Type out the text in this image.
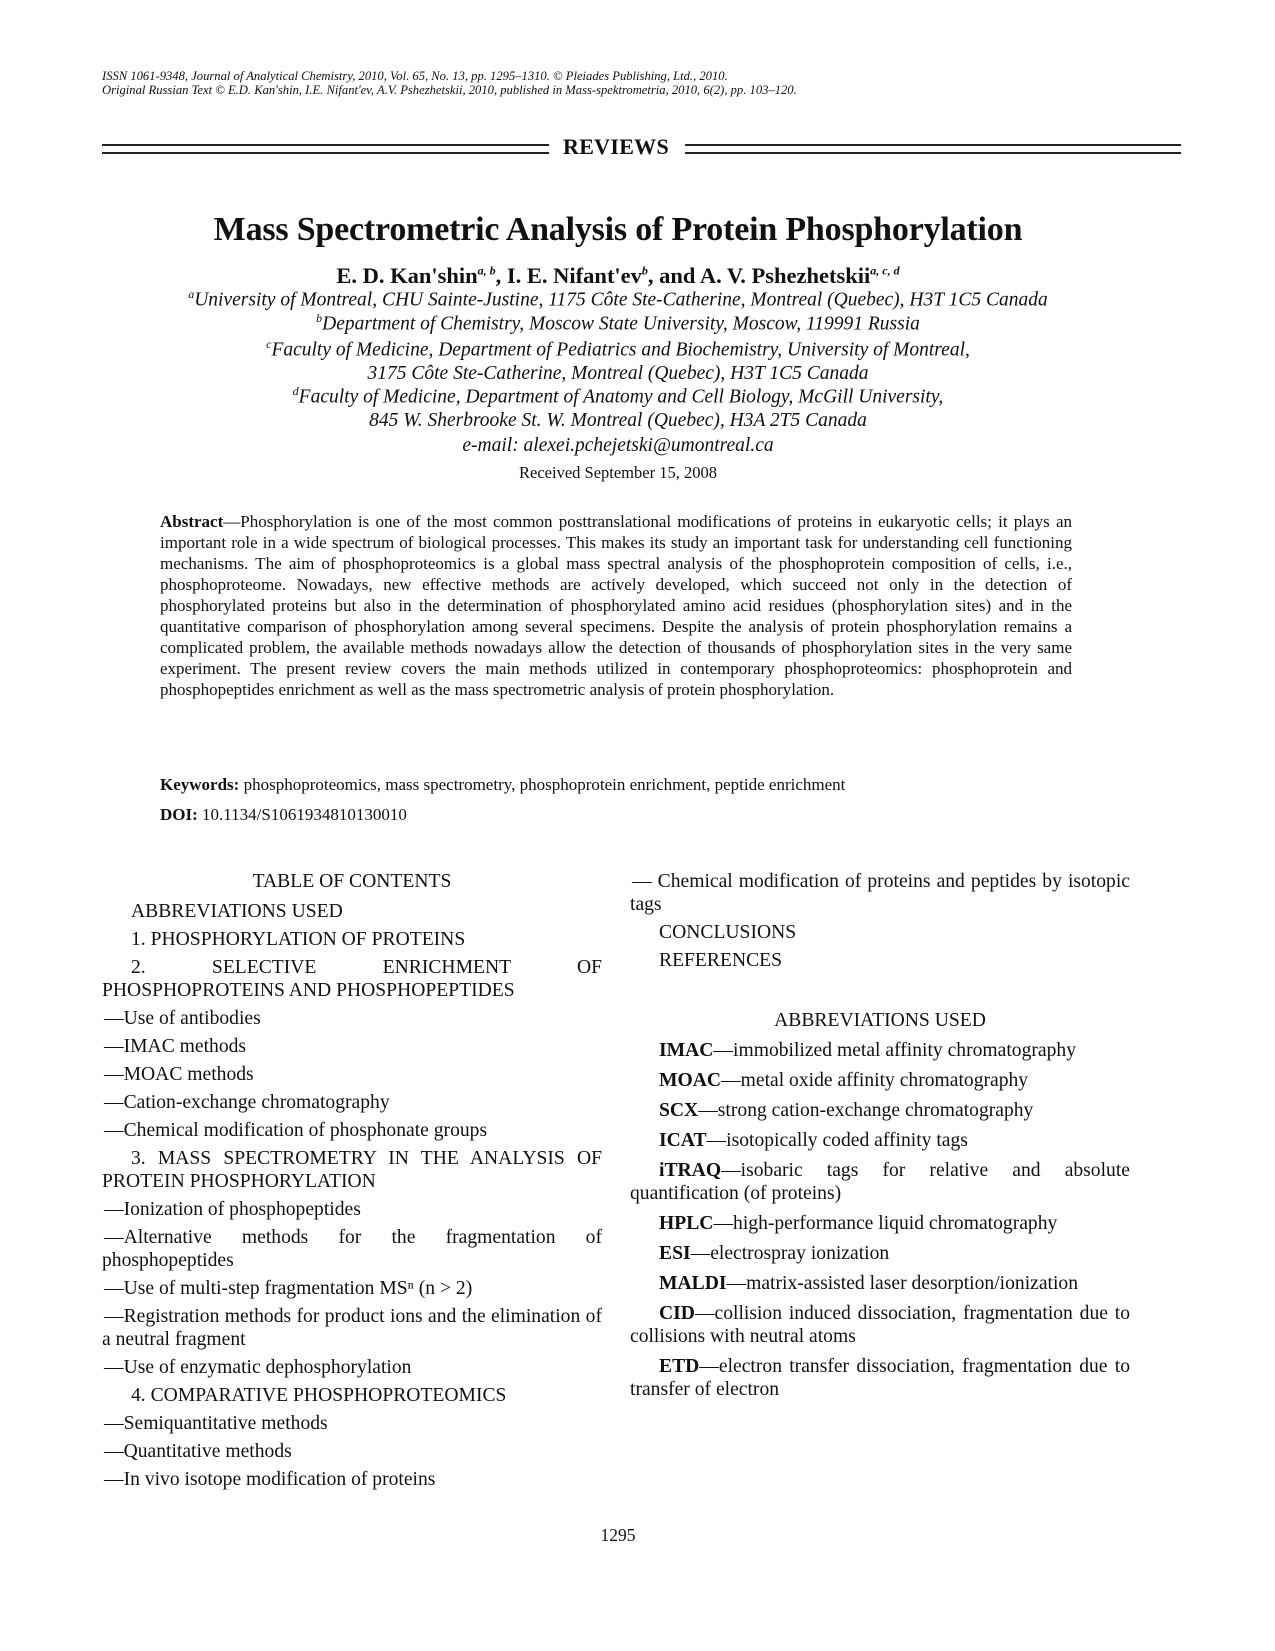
ISSN 1061-9348, Journal of Analytical Chemistry, 2010, Vol. 65, No. 13, pp. 1295–1310. © Pleiades Publishing, Ltd., 2010.
Original Russian Text © E.D. Kan'shin, I.E. Nifant'ev, A.V. Pshezhetskii, 2010, published in Mass-spektrometria, 2010, 6(2), pp. 103–120.
REVIEWS
Mass Spectrometric Analysis of Protein Phosphorylation
E. D. Kan'shin$^{a, b}$, I. E. $Nifant'ev^b$, and A. V. Pshezhetskii$^{a, c, d}$
$^a$University of Montreal, CHU Sainte-Justine, 1175 Côte Ste-Catherine, Montreal (Quebec), H3T 1C5 Canada
$^b$Department of Chemistry, Moscow State University, Moscow, 119991 Russia
$^c$Faculty of Medicine, Department of Pediatrics and Biochemistry, University of Montreal,
3175 Côte Ste-Catherine, Montreal (Quebec), H3T 1C5 Canada
$^d$Faculty of Medicine, Department of Anatomy and Cell Biology, McGill University,
845 W. Sherbrooke St. W. Montreal (Quebec), H3A 2T5 Canada
e-mail: alexei.pchejetski@umontreal.ca
Received September 15, 2008
Abstract—Phosphorylation is one of the most common posttranslational modifications of proteins in eukaryotic cells; it plays an important role in a wide spectrum of biological processes. This makes its study an important task for understanding cell functioning mechanisms. The aim of phosphoproteomics is a global mass spectral analysis of the phosphoprotein composition of cells, i.e., phosphoproteome. Nowadays, new effective methods are actively developed, which succeed not only in the detection of phosphorylated proteins but also in the determination of phosphorylated amino acid residues (phosphorylation sites) and in the quantitative comparison of phosphorylation among several specimens. Despite the analysis of protein phosphorylation remains a complicated problem, the available methods nowadays allow the detection of thousands of phosphorylation sites in the very same experiment. The present review covers the main methods utilized in contemporary phosphoproteomics: phosphoprotein and phosphopeptides enrichment as well as the mass spectrometric analysis of protein phosphorylation.
Keywords: phosphoproteomics, mass spectrometry, phosphoprotein enrichment, peptide enrichment
DOI: 10.1134/S1061934810130010
TABLE OF CONTENTS
ABBREVIATIONS USED
1. PHOSPHORYLATION OF PROTEINS
2. SELECTIVE ENRICHMENT OF PHOSPHOPROTEINS AND PHOSPHOPEPTIDES
—Use of antibodies
—IMAC methods
—MOAC methods
—Cation-exchange chromatography
—Chemical modification of phosphonate groups
3. MASS SPECTROMETRY IN THE ANALYSIS OF PROTEIN PHOSPHORYLATION
—Ionization of phosphopeptides
—Alternative methods for the fragmentation of phosphopeptides
—Use of multi-step fragmentation MSⁿ (n > 2)
—Registration methods for product ions and the elimination of a neutral fragment
—Use of enzymatic dephosphorylation
4. COMPARATIVE PHOSPHOPROTEOMICS
—Semiquantitative methods
—Quantitative methods
—In vivo isotope modification of proteins
— Chemical modification of proteins and peptides by isotopic tags
CONCLUSIONS
REFERENCES
ABBREVIATIONS USED
IMAC—immobilized metal affinity chromatography
MOAC—metal oxide affinity chromatography
SCX—strong cation-exchange chromatography
ICAT—isotopically coded affinity tags
iTRAQ—isobaric tags for relative and absolute quantification (of proteins)
HPLC—high-performance liquid chromatography
ESI—electrospray ionization
MALDI—matrix-assisted laser desorption/ionization
CID—collision induced dissociation, fragmentation due to collisions with neutral atoms
ETD—electron transfer dissociation, fragmentation due to transfer of electron
1295
